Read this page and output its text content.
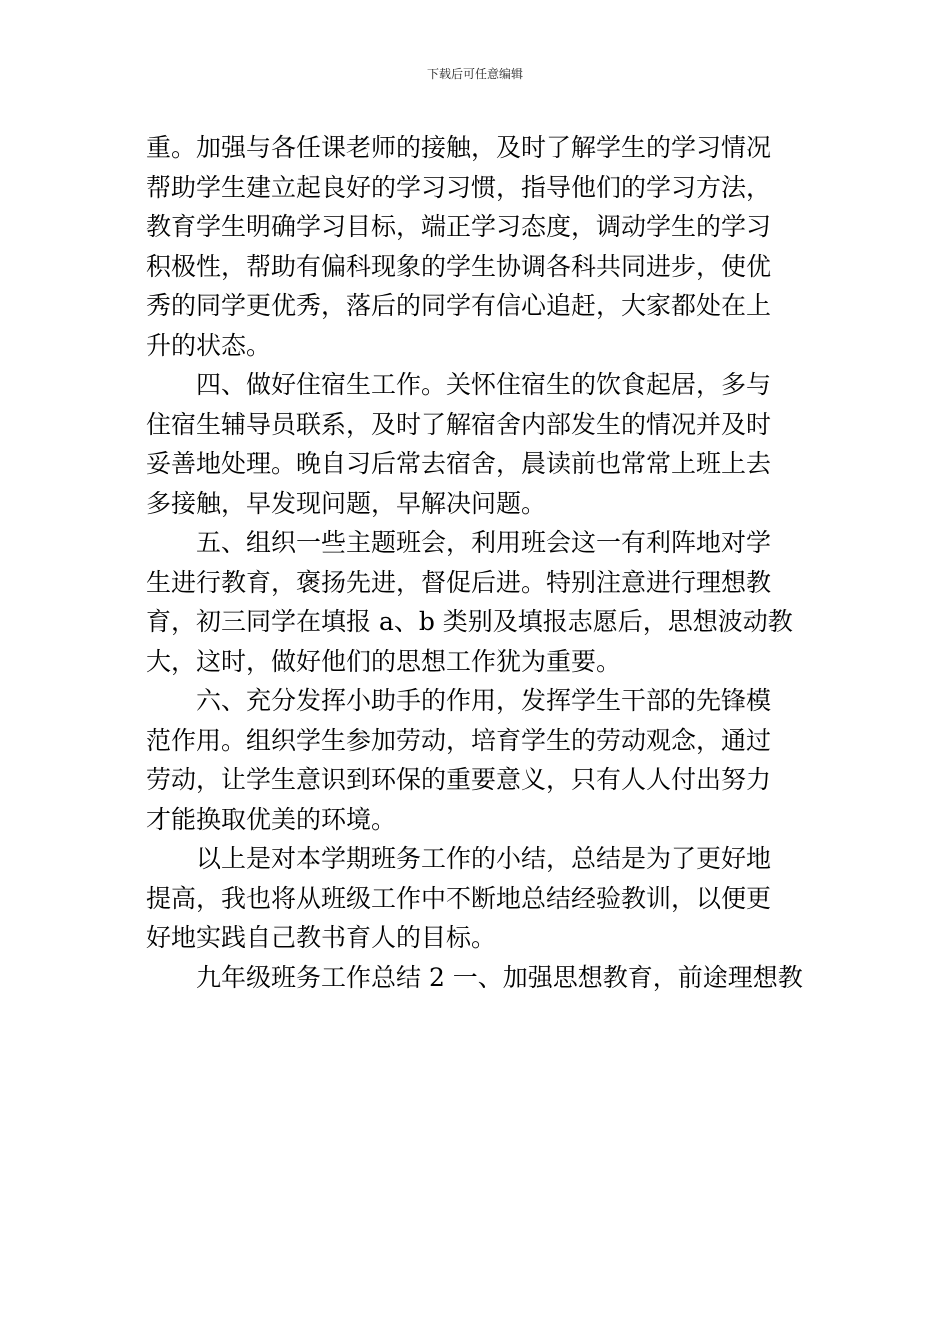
下载后可任意编辑
重。加强与各任课老师的接触，及时了解学生的学习情况
帮助学生建立起良好的学习习惯，指导他们的学习方法，
教育学生明确学习目标，端正学习态度，调动学生的学习
积极性，帮助有偏科现象的学生协调各科共同进步，使优
秀的同学更优秀，落后的同学有信心追赶，大家都处在上
升的状态。
　　四、做好住宿生工作。关怀住宿生的饮食起居，多与
住宿生辅导员联系，及时了解宿舍内部发生的情况并及时
妥善地处理。晚自习后常去宿舍，晨读前也常常上班上去
多接触，早发现问题，早解决问题。
　　五、组织一些主题班会，利用班会这一有利阵地对学
生进行教育，褒扬先进，督促后进。特别注意进行理想教
育，初三同学在填报 a、b 类别及填报志愿后，思想波动教
大，这时，做好他们的思想工作犹为重要。
　　六、充分发挥小助手的作用，发挥学生干部的先锋模
范作用。组织学生参加劳动，培育学生的劳动观念，通过
劳动，让学生意识到环保的重要意义，只有人人付出努力
才能换取优美的环境。
　　以上是对本学期班务工作的小结，总结是为了更好地
提高，我也将从班级工作中不断地总结经验教训，以便更
好地实践自己教书育人的目标。
　　九年级班务工作总结 2 一、加强思想教育，前途理想教
